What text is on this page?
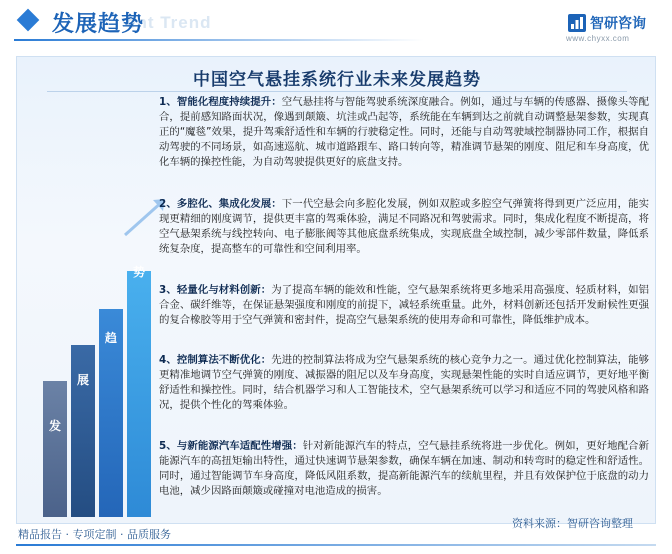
ent Trend
发展趋势	智研咨询
www.chyxx.com
中国空气悬挂系统行业未来发展趋势
发
展
趋
势
1、智能化程度持续提升：空气悬挂将与智能驾驶系统深度融合。例如，通过与车辆的传感器、摄像头等配合，提前感知路面状况，像遇到颠簸、坑洼或凸起等，系统能在车辆到达之前就自动调整悬架参数，实现真正的“魔毯”效果，提升驾乘舒适性和车辆的行驶稳定性。同时，还能与自动驾驶域控制器协同工作，根据自动驾驶的不同场景，如高速巡航、城市道路跟车、路口转向等，精准调节悬架的刚度、阻尼和车身高度，优化车辆的操控性能，为自动驾驶提供更好的底盘支持。
2、多腔化、集成化发展：下一代空悬会向多腔化发展，例如双腔或多腔空气弹簧将得到更广泛应用，能实现更精细的刚度调节，提供更丰富的驾乘体验，满足不同路况和驾驶需求。同时，集成化程度不断提高，将空气悬架系统与线控转向、电子膨胀阀等其他底盘系统集成，实现底盘全域控制，减少零部件数量，降低系统复杂度，提高整车的可靠性和空间利用率。
3、轻量化与材料创新：为了提高车辆的能效和性能，空气悬架系统将更多地采用高强度、轻质材料，如铝合金、碳纤维等，在保证悬架强度和刚度的前提下，减轻系统重量。此外，材料创新还包括开发耐候性更强的复合橡胶等用于空气弹簧和密封件，提高空气悬架系统的使用寿命和可靠性，降低维护成本。
4、控制算法不断优化：先进的控制算法将成为空气悬架系统的核心竞争力之一。通过优化控制算法，能够更精准地调节空气弹簧的刚度、减振器的阻尼以及车身高度，实现悬架性能的实时自适应调节，更好地平衡舒适性和操控性。同时，结合机器学习和人工智能技术，空气悬架系统可以学习和适应不同的驾驶风格和路况，提供个性化的驾乘体验。
5、与新能源汽车适配性增强：针对新能源汽车的特点，空气悬挂系统将进一步优化。例如，更好地配合新能源汽车的高扭矩输出特性，通过快速调节悬架参数，确保车辆在加速、制动和转弯时的稳定性和舒适性。同时，通过智能调节车身高度，降低风阻系数，提高新能源汽车的续航里程，并且有效保护位于底盘的动力电池，减少因路面颠簸或碰撞对电池造成的损害。
资料来源：智研咨询整理
精品报告 · 专项定制 · 品质服务
